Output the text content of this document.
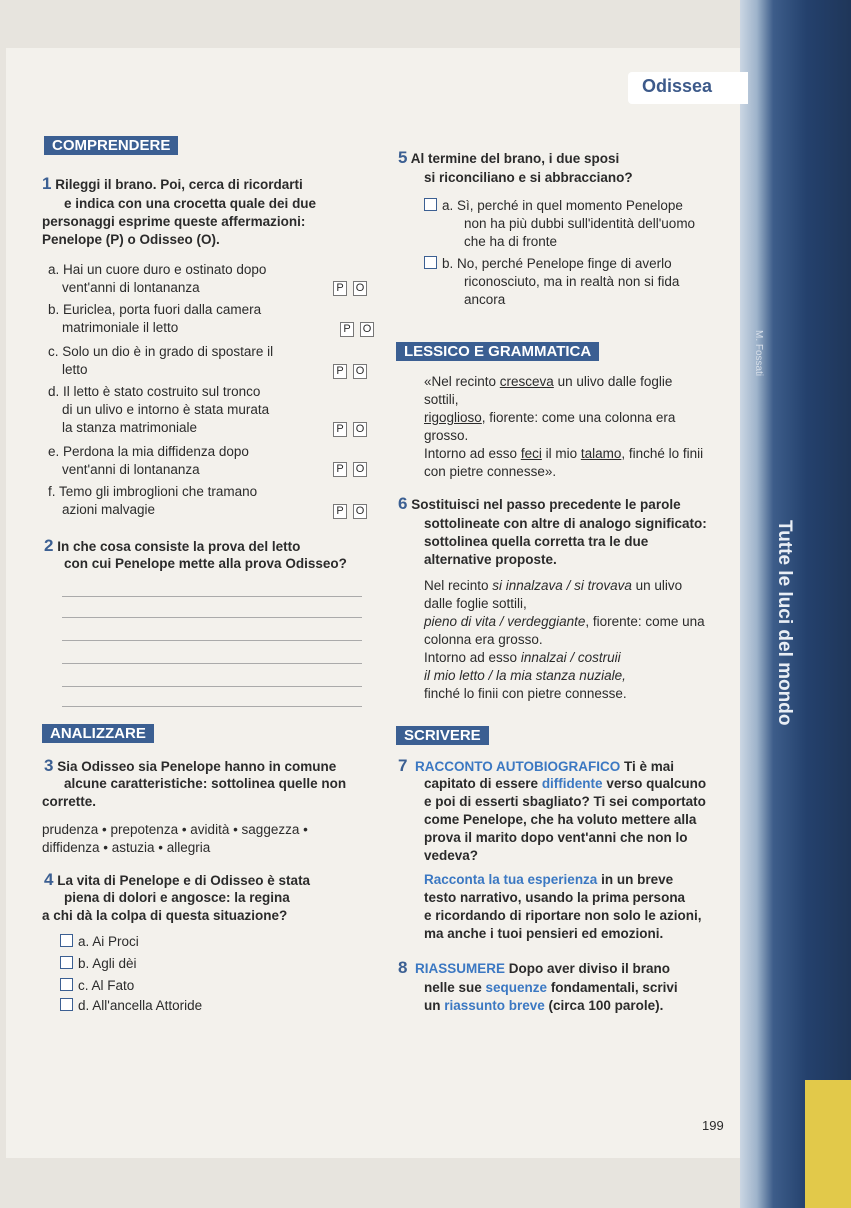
M. Fossati
Tutte le luci del mondo
Odissea
COMPRENDERE
1 Rileggi il brano. Poi, cerca di ricordarti
e indica con una crocetta quale dei due
personaggi esprime queste affermazioni:
Penelope (P) o Odisseo (O).
a. Hai un cuore duro e ostinato dopo
vent'anni di lontananza	P	O
b. Euriclea, porta fuori dalla camera
matrimoniale il letto	P	O
c. Solo un dio è in grado di spostare il
letto	P	O
d. Il letto è stato costruito sul tronco
di un ulivo e intorno è stata murata
la stanza matrimoniale	P	O
e. Perdona la mia diffidenza dopo
vent'anni di lontananza	P	O
f. Temo gli imbroglioni che tramano
azioni malvagie	P	O
2 In che cosa consiste la prova del letto
con cui Penelope mette alla prova Odisseo?
ANALIZZARE
3 Sia Odisseo sia Penelope hanno in comune
alcune caratteristiche: sottolinea quelle non
corrette.
prudenza • prepotenza • avidità • saggezza •
diffidenza • astuzia • allegria
4 La vita di Penelope e di Odisseo è stata
piena di dolori e angosce: la regina
a chi dà la colpa di questa situazione?
a. Ai Proci
b. Agli dèi
c. Al Fato
d. All'ancella Attoride
5 Al termine del brano, i due sposi
si riconciliano e si abbracciano?
a. Sì, perché in quel momento Penelope
non ha più dubbi sull'identità dell'uomo
che ha di fronte
b. No, perché Penelope finge di averlo
riconosciuto, ma in realtà non si fida
ancora
LESSICO E GRAMMATICA
«Nel recinto cresceva un ulivo dalle foglie
sottili,
rigoglioso, fiorente: come una colonna era
grosso.
Intorno ad esso feci il mio talamo, finché lo finii
con pietre connesse».
6 Sostituisci nel passo precedente le parole
sottolineate con altre di analogo significato:
sottolinea quella corretta tra le due
alternative proposte.
Nel recinto si innalzava / si trovava un ulivo
dalle foglie sottili,
pieno di vita / verdeggiante, fiorente: come una
colonna era grosso.
Intorno ad esso innalzai / costruii
il mio letto / la mia stanza nuziale,
finché lo finii con pietre connesse.
SCRIVERE
7 RACCONTO AUTOBIOGRAFICO Ti è mai
capitato di essere diffidente verso qualcuno
e poi di esserti sbagliato? Ti sei comportato
come Penelope, che ha voluto mettere alla
prova il marito dopo vent'anni che non lo
vedeva?
Racconta la tua esperienza in un breve
testo narrativo, usando la prima persona
e ricordando di riportare non solo le azioni,
ma anche i tuoi pensieri ed emozioni.
8 RIASSUMERE Dopo aver diviso il brano
nelle sue sequenze fondamentali, scrivi
un riassunto breve (circa 100 parole).
199
